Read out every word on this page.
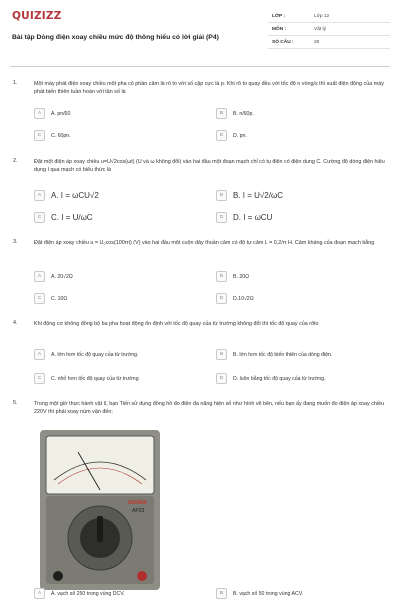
QUIZIZZ
Bài tập Dòng điện xoay chiều mức độ thông hiểu có lời giải (P4)
LỚP :	Lớp 12
MÔN :	Vật lý
SỐ CÂU :	20
1.	Một máy phát điện xoay chiều một pha có phần cảm là rô to với số cặp cực là p. Khi rô to quay đều với tốc độ n vòng/s thì suất điện động của máy phát biến thiên tuần hoàn với tần số là
A	A. pn/60	B	B. n/60p.
C	C. 60pn.	D	D. pn.
2.	Đặt một điện áp xoay chiều u=U√2cos(ωt) (U và ω không đổi) vào hai đầu một đoạn mạch chỉ có tụ điện có điện dung C. Cường độ dòng điện hiệu dụng I qua mạch có biểu thức là
A	A. I = ωCU√2	B	B. I = U√2/ωC
C	C. I = U/ωC	D	D. I = ωCU
3.	Đặt điện áp xoay chiều u = U₀cos(100πt) (V) vào hai đầu một cuộn dây thuần cảm có độ tự cảm L = 0,2/π H. Cảm kháng của đoạn mạch bằng
A	A. 20√2Ω	B	B. 20Ω
C	C. 10Ω	D	D.10√2Ω
4.	Khi động cơ không đồng bộ ba pha hoạt động ổn định với tốc độ quay của từ trường không đổi thì tốc độ quay của rôto
A	A. lớn hơn tốc độ quay của từ trường.	B	B. lớn hơn tốc độ biến thiên của dòng điện.
C	C. nhỏ hơn tốc độ quay của từ trường	D	D. luôn bằng tốc độ quay của từ trường.
5.	Trong một giờ thực hành vật lí, bạn Tiến sử dụng đồng hồ đo điện đa năng hiện số như hình vẽ bên, nếu bạn ấy đang muốn đo điện áp xoay chiều 220V thì phải xoay núm vặn đến:
SANWA
AP33
A	A. vạch số 250 trong vùng DCV.	B	B. vạch số 50 trong vùng ACV.
